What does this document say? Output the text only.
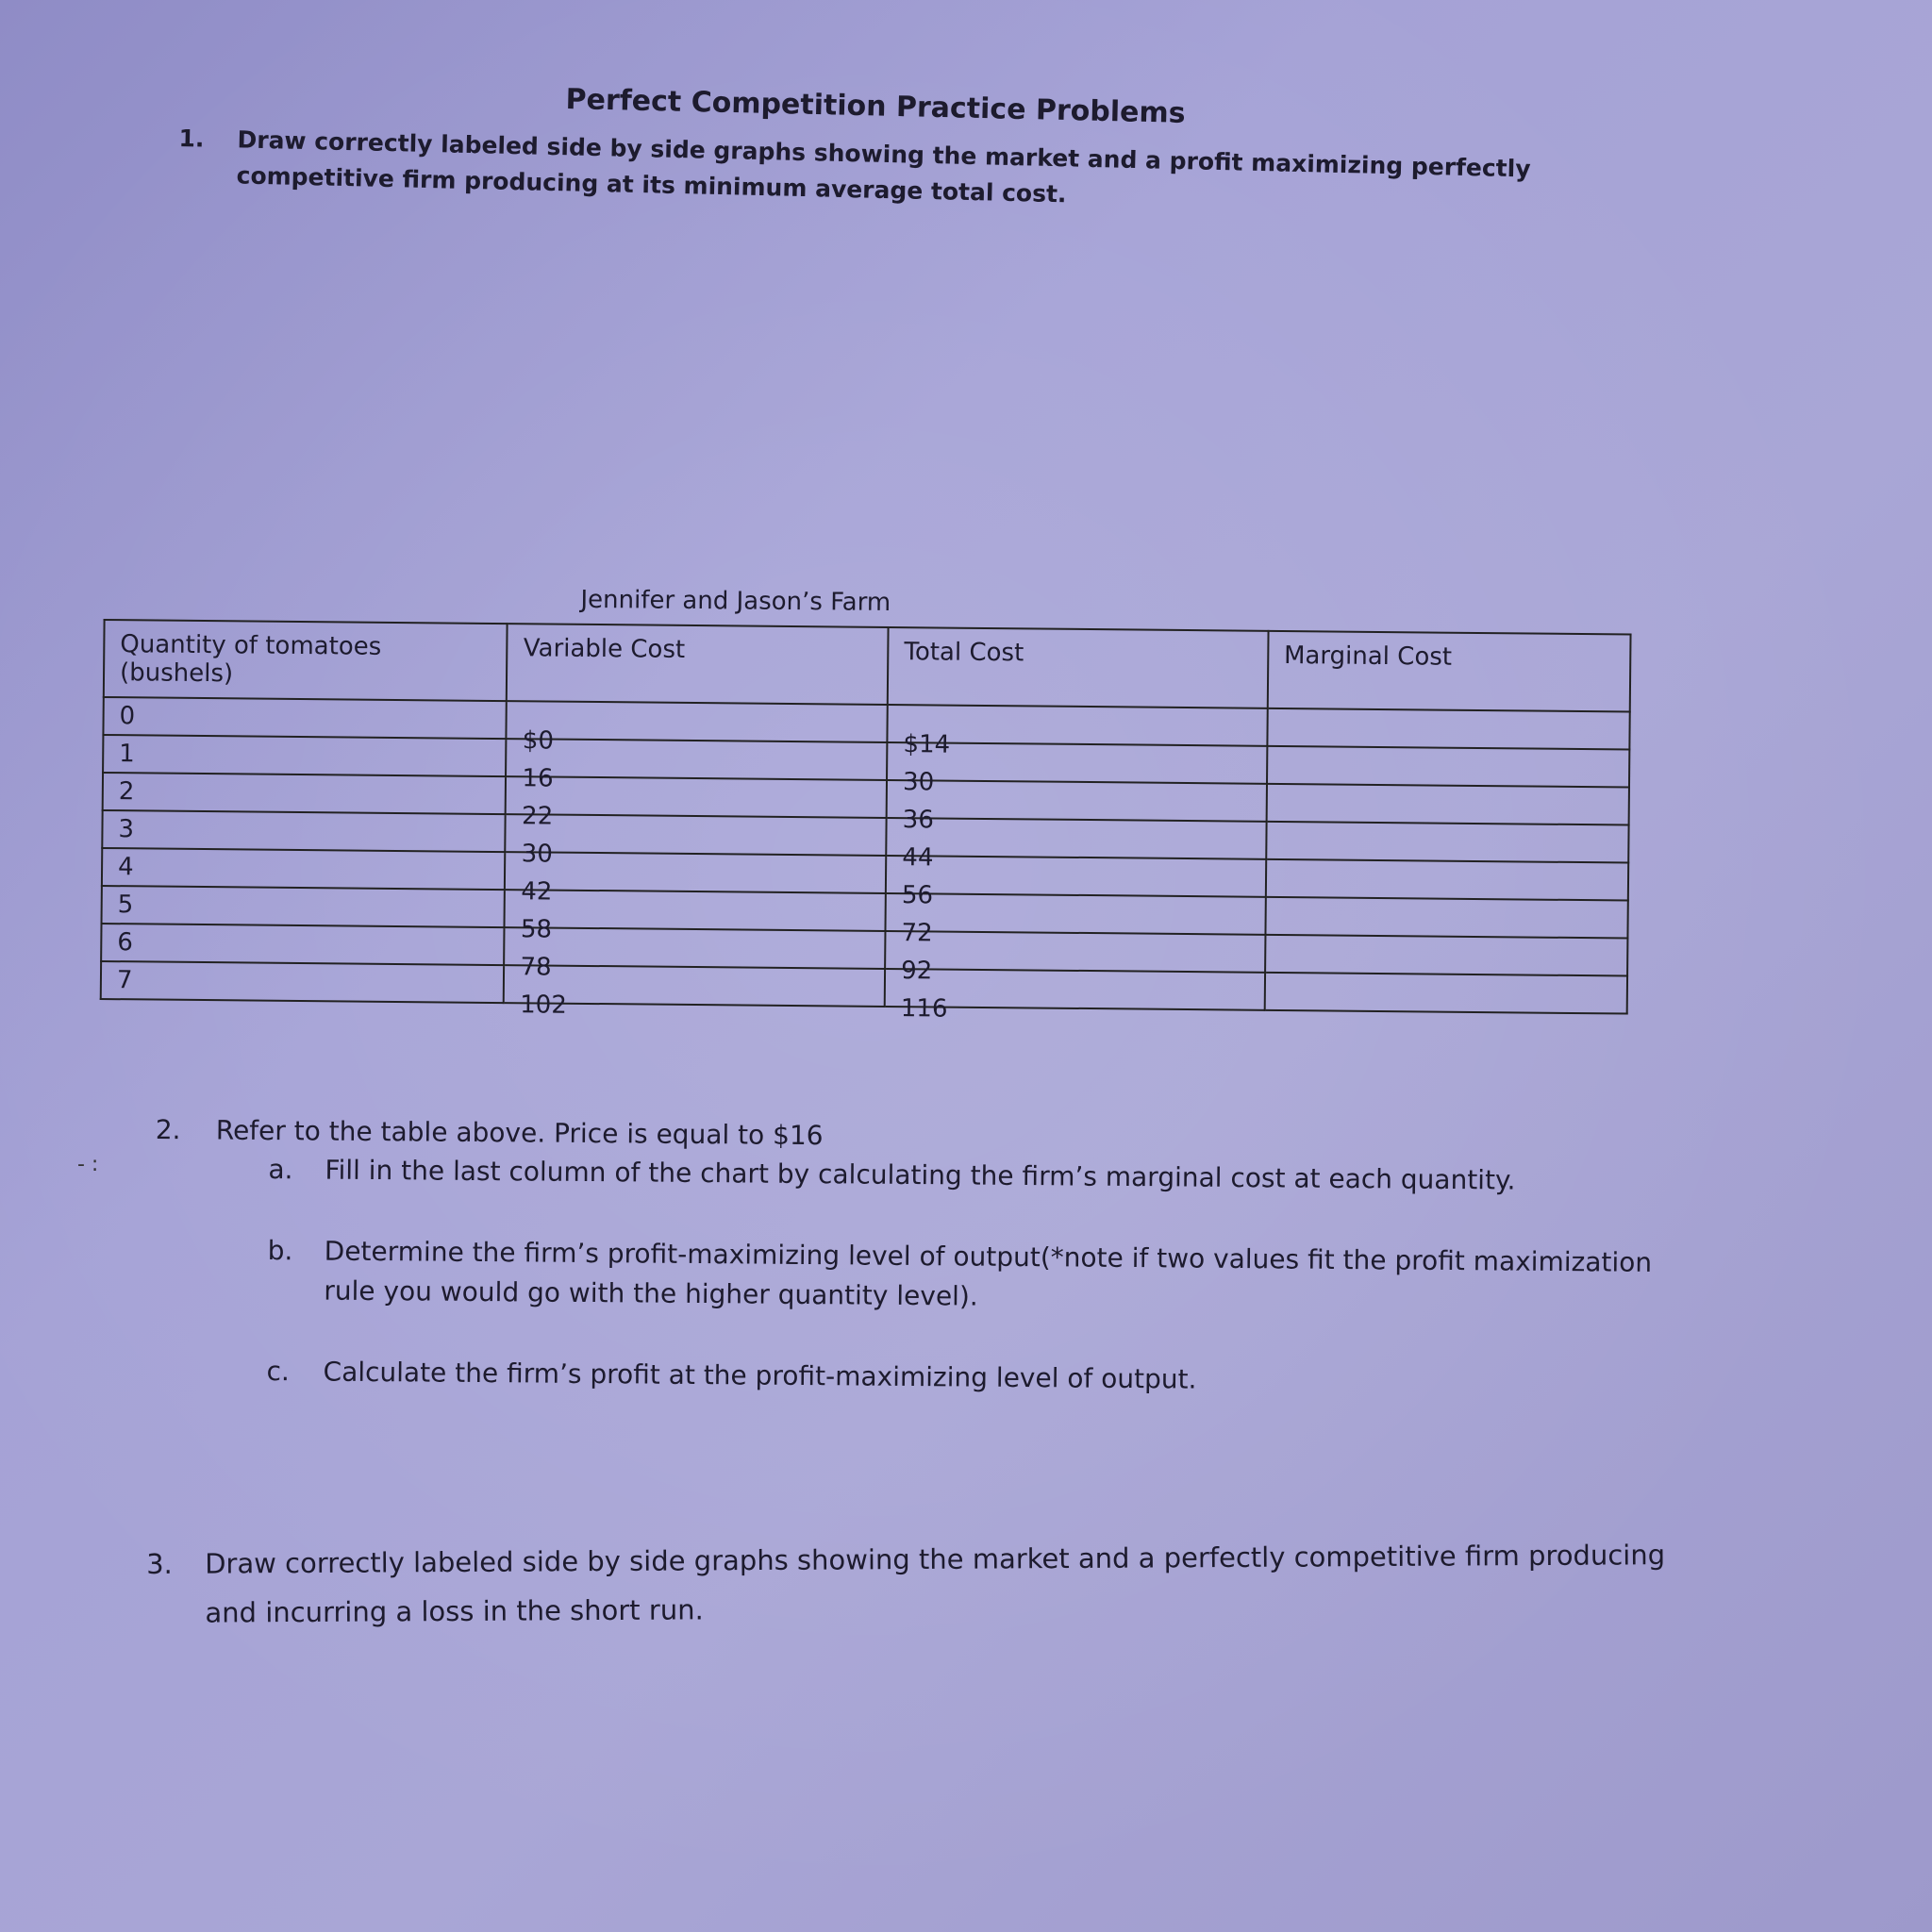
Perfect Competition Practice Problems
1. Draw correctly labeled side by side graphs showing the market and a profit maximizing perfectly competitive firm producing at its minimum average total cost.
Jennifer and Jason’s Farm
Quantity of tomatoes (bushels)	Variable Cost	Total Cost	Marginal Cost
0	$0	$14	
1	16	30	
2	22	36	
3	30	44	
4	42	56	
5	58	72	
6	78	92	
7	102	116	
- :
2. Refer to the table above. Price is equal to $16
a. Fill in the last column of the chart by calculating the firm’s marginal cost at each quantity.
b. Determine the firm’s profit-maximizing level of output(*note if two values fit the profit maximization rule you would go with the higher quantity level).
c. Calculate the firm’s profit at the profit-maximizing level of output.
3. Draw correctly labeled side by side graphs showing the market and a perfectly competitive firm producing and incurring a loss in the short run.
